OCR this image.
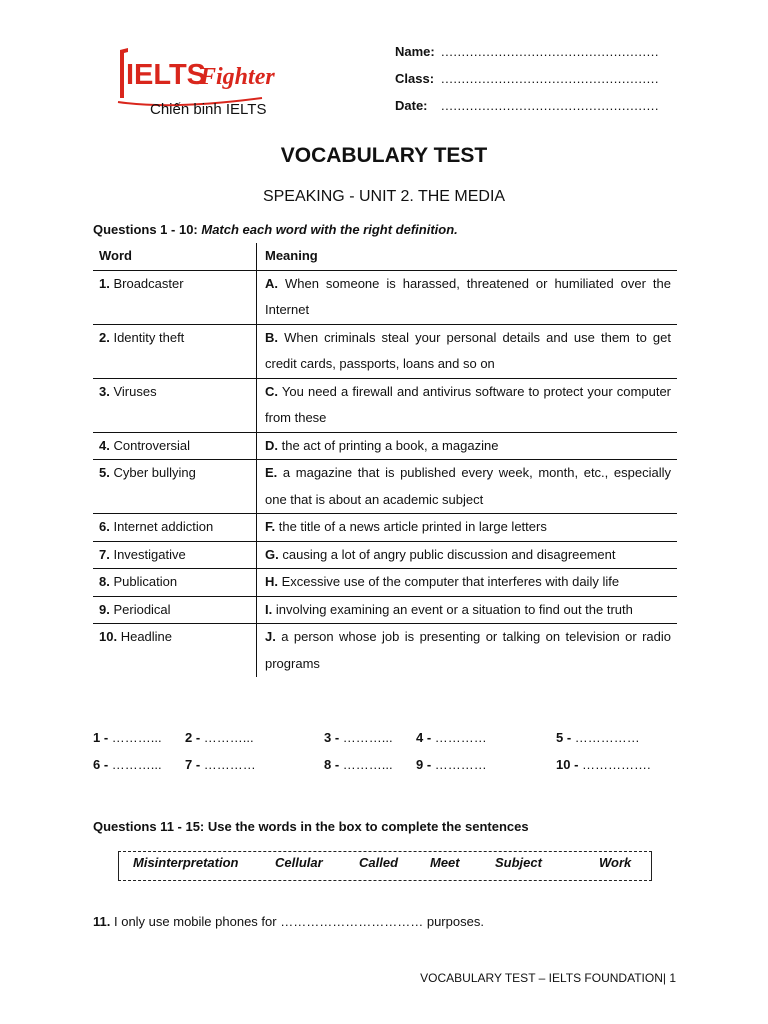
IELTS
Fighter
Chiến binh IELTS
Name: .....................................................
Class: .....................................................
Date: .....................................................
VOCABULARY TEST
SPEAKING - UNIT 2. THE MEDIA
Questions 1 - 10: Match each word with the right definition.
Word	Meaning
1. Broadcaster	A. When someone is harassed, threatened or humiliated over the Internet
2. Identity theft	B. When criminals steal your personal details and use them to get credit cards, passports, loans and so on
3. Viruses	C. You need a firewall and antivirus software to protect your computer from these
4. Controversial	D. the act of printing a book, a magazine
5. Cyber bullying	E. a magazine that is published every week, month, etc., especially one that is about an academic subject
6. Internet addiction	F. the title of a news article printed in large letters
7. Investigative	G. causing a lot of angry public discussion and disagreement
8. Publication	H. Excessive use of the computer that interferes with daily life
9. Periodical	I. involving examining an event or a situation to find out the truth
10. Headline	J. a person whose job is presenting or talking on television or radio programs
1 - ………... 2 - ………...	3 - ………... 4 - …………	5 - ……………
6 - ………... 7 - …………	8 - ………... 9 - …………	10 - …………….
Questions 11 - 15: Use the words in the box to complete the sentences
Misinterpretation	Cellular	Called Meet	Subject	Work
11. I only use mobile phones for …………………………… purposes.
VOCABULARY TEST – IELTS FOUNDATION| 1
